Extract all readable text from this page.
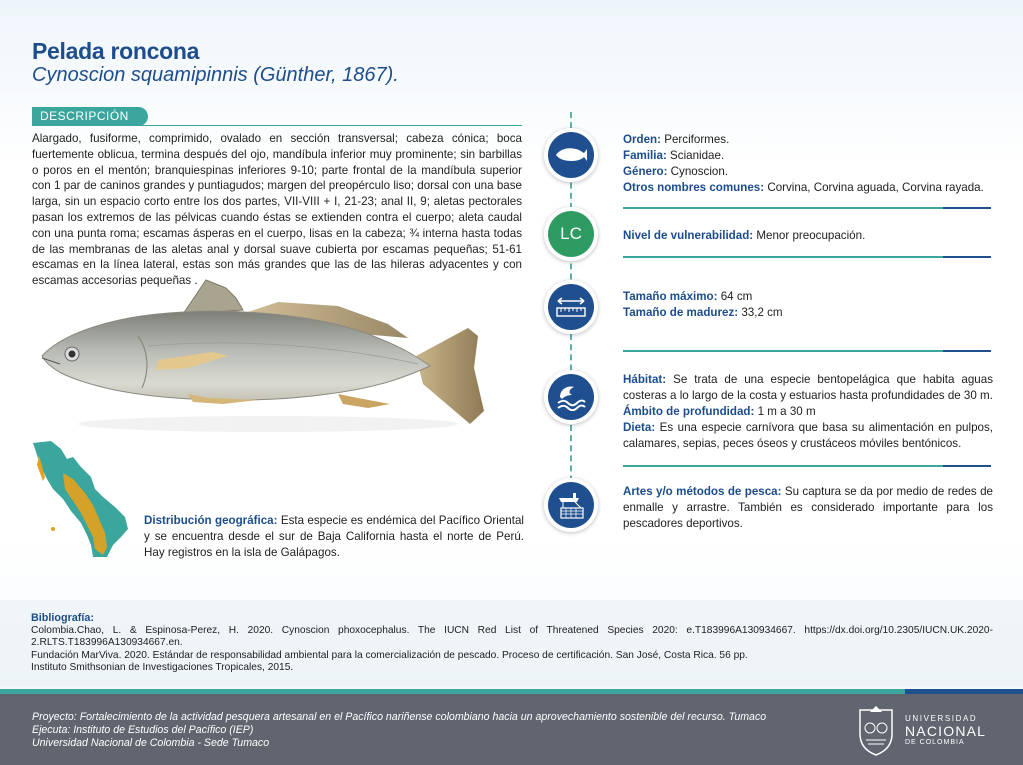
Pelada roncona
Cynoscion squamipinnis (Günther, 1867).
DESCRIPCIÓN
Alargado, fusiforme, comprimido, ovalado en sección transversal; cabeza cónica; boca fuertemente oblicua, termina después del ojo, mandíbula inferior muy prominente; sin barbillas o poros en el mentón; branquiespinas inferiores 9-10; parte frontal de la mandíbula superior con 1 par de caninos grandes y puntiagudos; margen del preopérculo liso; dorsal con una base larga, sin un espacio corto entre los dos partes, VII-VIII + I, 21-23; anal II, 9; aletas pectorales pasan los extremos de las pélvicas cuando éstas se extienden contra el cuerpo; aleta caudal con una punta roma; escamas ásperas en el cuerpo, lisas en la cabeza; ¾ interna hasta todas de las membranas de las aletas anal y dorsal suave cubierta por escamas pequeñas; 51-61 escamas en la línea lateral, estas son más grandes que las de las hileras adyacentes y con escamas accesorias pequeñas .
Distribución geográfica: Esta especie es endémica del Pacífico Oriental y se encuentra desde el sur de Baja California hasta el norte de Perú. Hay registros en la isla de Galápagos.
LC

Orden: Perciformes.

Familia: Scianidae.

Género: Cynoscion.

Otros nombres comunes: Corvina, Corvina aguada, Corvina rayada.

Nivel de vulnerabilidad: Menor preocupación.

Tamaño máximo: 64 cm

Tamaño de madurez: 33,2 cm

Hábitat: Se trata de una especie bentopelágica que habita aguas costeras a lo largo de la costa y estuarios hasta profundidades de 30 m.

Ámbito de profundidad: 1 m a 30 m

Dieta: Es una especie carnívora que basa su alimentación en pulpos, calamares, sepias, peces óseos y crustáceos móviles bentónicos.

Artes y/o métodos de pesca: Su captura se da por medio de redes de enmalle y arrastre. También es considerado importante para los pescadores deportivos.

Bibliografía:

Colombia.Chao, L. & Espinosa-Perez, H. 2020. Cynoscion phoxocephalus. The IUCN Red List of Threatened Species 2020: e.T183996A130934667. https://dx.doi.org/10.2305/IUCN.UK.2020-2.RLTS.T183996A130934667.en.

Fundación MarViva. 2020. Estándar de responsabilidad ambiental para la comercialización de pescado. Proceso de certificación. San José, Costa Rica. 56 pp.

Instituto Smithsonian de Investigaciones Tropicales, 2015.

Proyecto: Fortalecimiento de la actividad pesquera artesanal en el Pacífico nariñense colombiano hacia un aprovechamiento sostenible del recurso. Tumaco
Ejecuta: Instituto de Estudios del Pacífico (IEP)
Universidad Nacional de Colombia - Sede Tumaco
UNIVERSIDAD
NACIONAL
DE COLOMBIA
